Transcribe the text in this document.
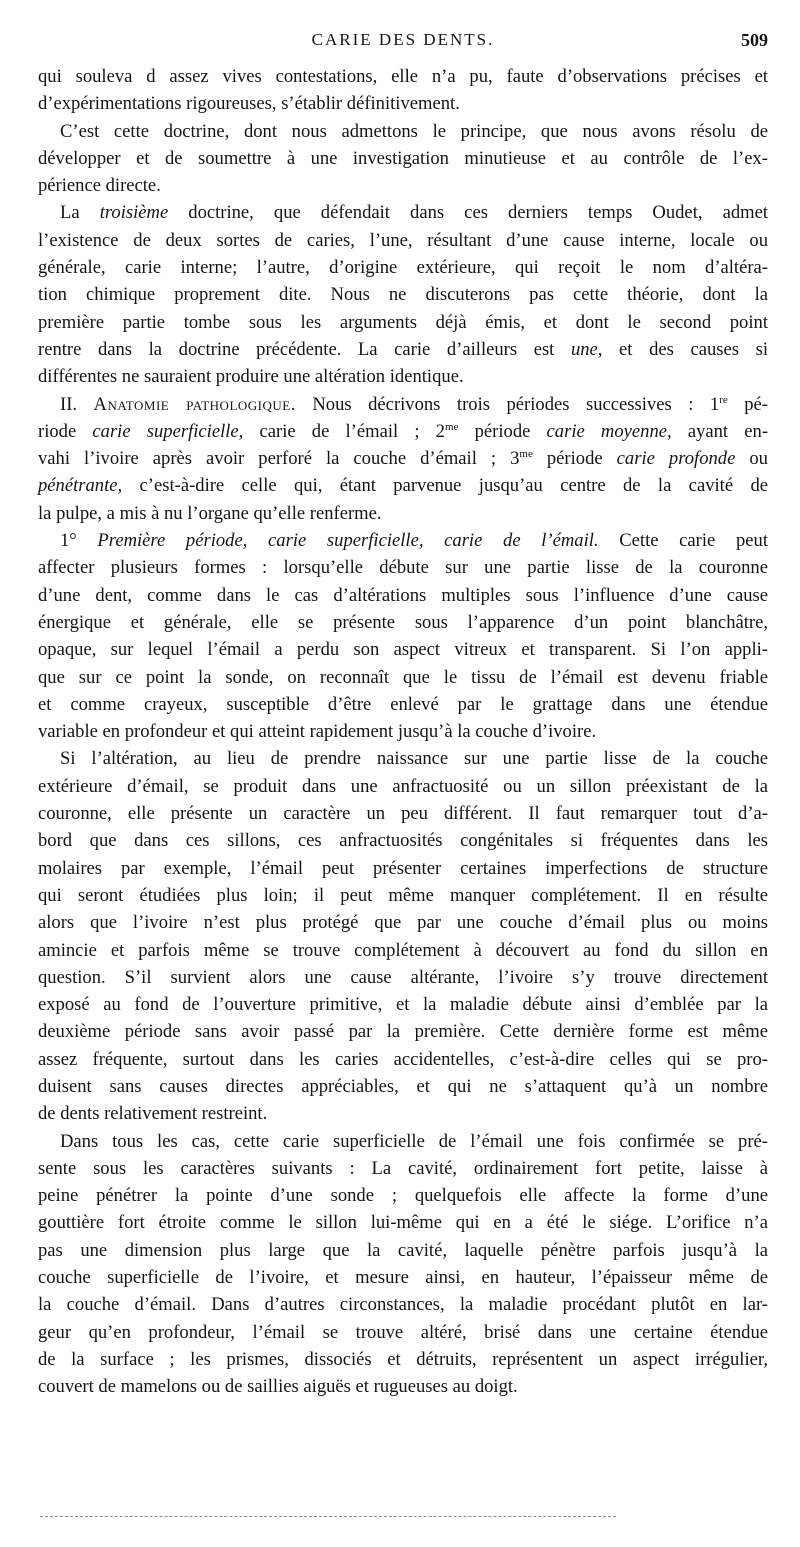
CARIE DES DENTS.	509
qui souleva d assez vives contestations, elle n’a pu, faute d’observations précises et
d’expérimentations rigoureuses, s’établir définitivement.
C’est cette doctrine, dont nous admettons le principe, que nous avons résolu de
développer et de soumettre à une investigation minutieuse et au contrôle de l’ex-
périence directe.
La troisième doctrine, que défendait dans ces derniers temps Oudet, admet
l’existence de deux sortes de caries, l’une, résultant d’une cause interne, locale ou
générale, carie interne; l’autre, d’origine extérieure, qui reçoit le nom d’altéra-
tion chimique proprement dite. Nous ne discuterons pas cette théorie, dont la
première partie tombe sous les arguments déjà émis, et dont le second point
rentre dans la doctrine précédente. La carie d’ailleurs est une, et des causes si
différentes ne sauraient produire une altération identique.
II. Anatomie pathologique. Nous décrivons trois périodes successives : 1re pé-
riode carie superficielle, carie de l’émail ; $2^{me}$ période carie moyenne, ayant en-
vahi l’ivoire après avoir perforé la couche d’émail ; $3^{me}$ période carie profonde ou
pénétrante, c’est-à-dire celle qui, étant parvenue jusqu’au centre de la cavité de
la pulpe, a mis à nu l’organe qu’elle renferme.
1° Première période, carie superficielle, carie de l’émail. Cette carie peut
affecter plusieurs formes : lorsqu’elle débute sur une partie lisse de la couronne
d’une dent, comme dans le cas d’altérations multiples sous l’influence d’une cause
énergique et générale, elle se présente sous l’apparence d’un point blanchâtre,
opaque, sur lequel l’émail a perdu son aspect vitreux et transparent. Si l’on appli-
que sur ce point la sonde, on reconnaît que le tissu de l’émail est devenu friable
et comme crayeux, susceptible d’être enlevé par le grattage dans une étendue
variable en profondeur et qui atteint rapidement jusqu’à la couche d’ivoire.
Si l’altération, au lieu de prendre naissance sur une partie lisse de la couche
extérieure d’émail, se produit dans une anfractuosité ou un sillon préexistant de la
couronne, elle présente un caractère un peu différent. Il faut remarquer tout d’a-
bord que dans ces sillons, ces anfractuosités congénitales si fréquentes dans les
molaires par exemple, l’émail peut présenter certaines imperfections de structure
qui seront étudiées plus loin; il peut même manquer complétement. Il en résulte
alors que l’ivoire n’est plus protégé que par une couche d’émail plus ou moins
amincie et parfois même se trouve complétement à découvert au fond du sillon en
question. S’il survient alors une cause altérante, l’ivoire s’y trouve directement
exposé au fond de l’ouverture primitive, et la maladie débute ainsi d’emblée par la
deuxième période sans avoir passé par la première. Cette dernière forme est même
assez fréquente, surtout dans les caries accidentelles, c’est-à-dire celles qui se pro-
duisent sans causes directes appréciables, et qui ne s’attaquent qu’à un nombre
de dents relativement restreint.
Dans tous les cas, cette carie superficielle de l’émail une fois confirmée se pré-
sente sous les caractères suivants : La cavité, ordinairement fort petite, laisse à
peine pénétrer la pointe d’une sonde ; quelquefois elle affecte la forme d’une
gouttière fort étroite comme le sillon lui-même qui en a été le siége. L’orifice n’a
pas une dimension plus large que la cavité, laquelle pénètre parfois jusqu’à la
couche superficielle de l’ivoire, et mesure ainsi, en hauteur, l’épaisseur même de
la couche d’émail. Dans d’autres circonstances, la maladie procédant plutôt en lar-
geur qu’en profondeur, l’émail se trouve altéré, brisé dans une certaine étendue
de la surface ; les prismes, dissociés et détruits, représentent un aspect irrégulier,
couvert de mamelons ou de saillies aiguës et rugueuses au doigt.
